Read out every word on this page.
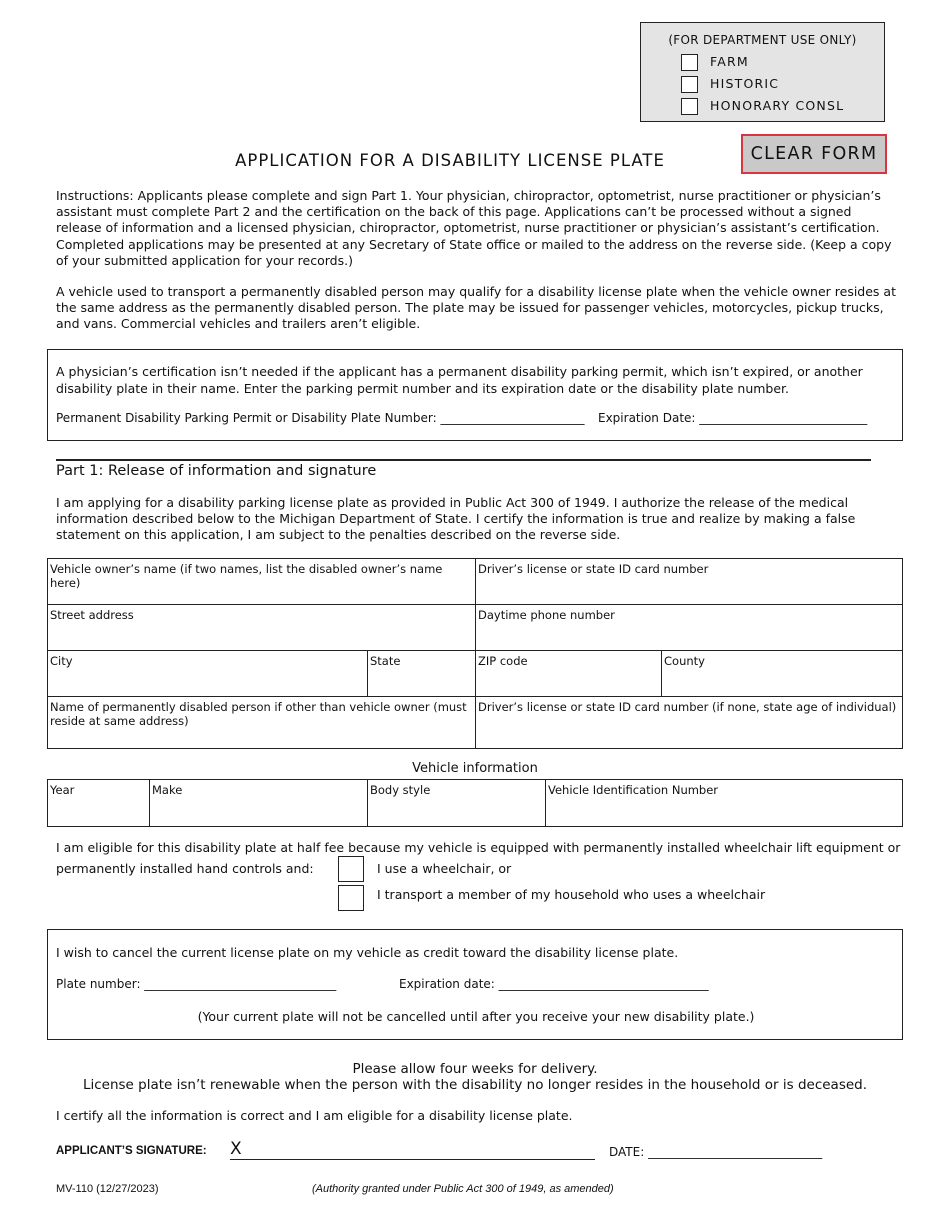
(FOR DEPARTMENT USE ONLY)
FARM
HISTORIC
HONORARY CONSL
CLEAR FORM
APPLICATION FOR A DISABILITY LICENSE PLATE
Instructions: Applicants please complete and sign Part 1. Your physician, chiropractor, optometrist, nurse practitioner or physician’s assistant must complete Part 2 and the certification on the back of this page. Applications can’t be processed without a signed release of information and a licensed physician, chiropractor, optometrist, nurse practitioner or physician’s assistant’s certification. Completed applications may be presented at any Secretary of State office or mailed to the address on the reverse side. (Keep a copy of your submitted application for your records.)
A vehicle used to transport a permanently disabled person may qualify for a disability license plate when the vehicle owner resides at the same address as the permanently disabled person. The plate may be issued for passenger vehicles, motorcycles, pickup trucks, and vans. Commercial vehicles and trailers aren’t eligible.
A physician’s certification isn’t needed if the applicant has a permanent disability parking permit, which isn’t expired, or another disability plate in their name. Enter the parking permit number and its expiration date or the disability plate number.
Permanent Disability Parking Permit or Disability Plate Number: ________________________ Expiration Date: ____________________________
Part 1: Release of information and signature
I am applying for a disability parking license plate as provided in Public Act 300 of 1949. I authorize the release of the medical information described below to the Michigan Department of State. I certify the information is true and realize by making a false statement on this application, I am subject to the penalties described on the reverse side.
Vehicle owner’s name (if two names, list the disabled owner’s name here)		Driver’s license or state ID card number	
Street address		Daytime phone number	
City	State	ZIP code	County
Name of permanently disabled person if other than vehicle owner (must reside at same address)		Driver’s license or state ID card number (if none, state age of individual)	
Vehicle information
Year	Make	Body style	Vehicle Identification Number
I am eligible for this disability plate at half fee because my vehicle is equipped with permanently installed wheelchair lift equipment or
permanently installed hand controls and:	I use a wheelchair, or
I transport a member of my household who uses a wheelchair
I wish to cancel the current license plate on my vehicle as credit toward the disability license plate.
Plate number: ________________________________	Expiration date: ___________________________________
(Your current plate will not be cancelled until after you receive your new disability plate.)
Please allow four weeks for delivery.
License plate isn’t renewable when the person with the disability no longer resides in the household or is deceased.
I certify all the information is correct and I am eligible for a disability license plate.
APPLICANT’S SIGNATURE: X	DATE: _____________________________
MV-110 (12/27/2023)	(Authority granted under Public Act 300 of 1949, as amended)
